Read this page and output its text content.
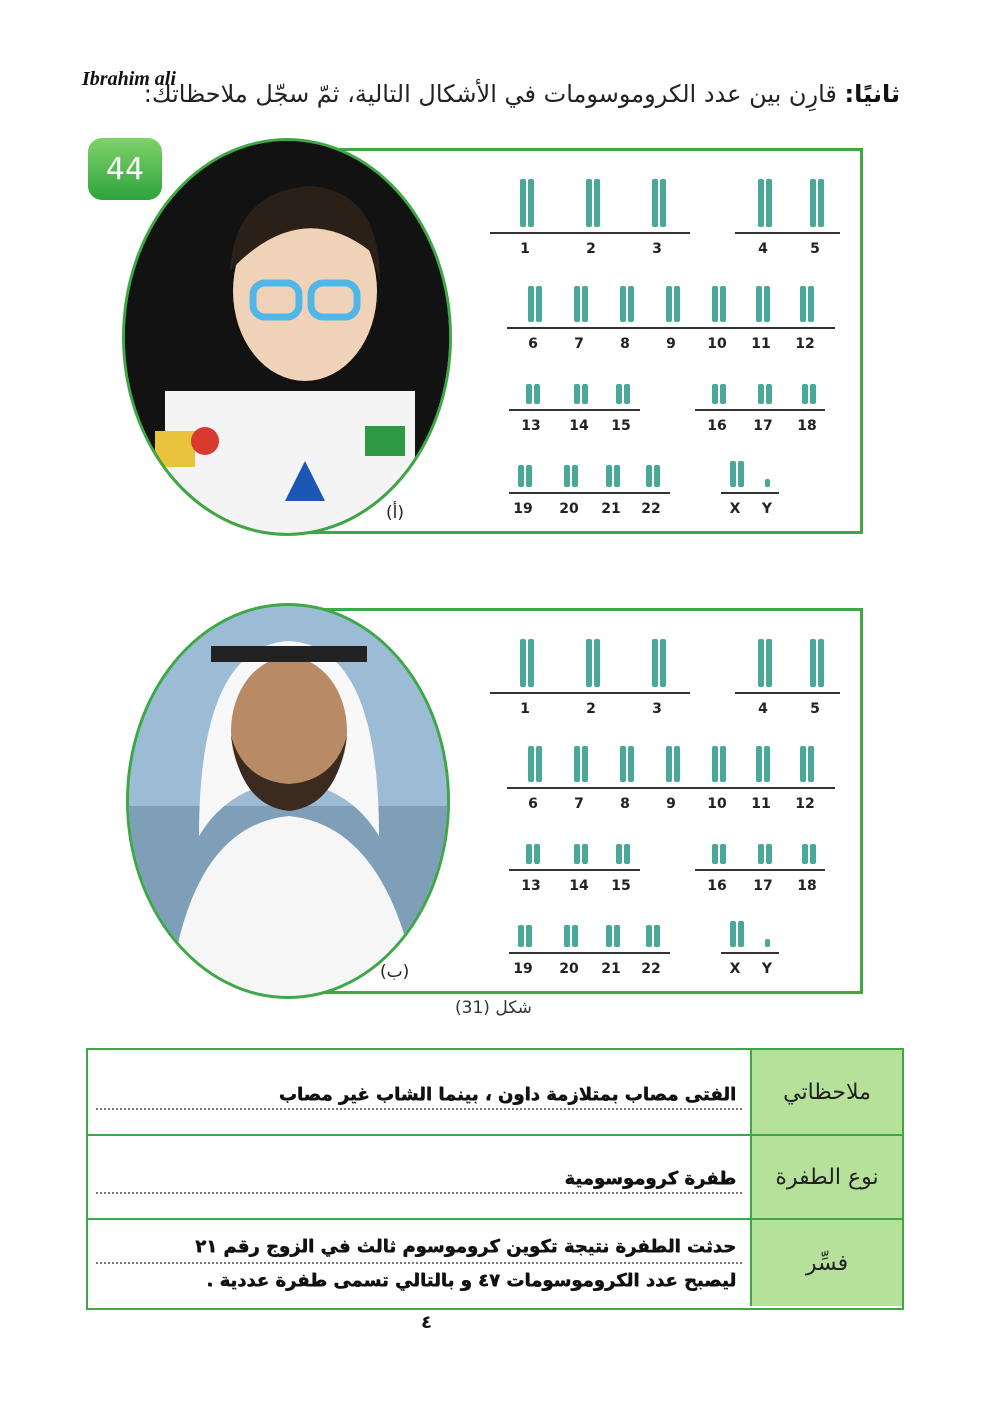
Ibrahim ali
ثانيًا: قارِن بين عدد الكروموسومات في الأشكال التالية، ثمّ سجّل ملاحظاتك:
44
(أ)
1	2	3	4	5
6	7	8	9 10 11 12
13 14 15	16 17 18
19 20 21 22	X Y
(ب)
1	2	3	4	5
6	7	8	9 10 11 12
13 14 15	16 17 18
19 20 21 22	X Y
شكل (31)
ملاحظاتي
الفتى مصاب بمتلازمة داون ، بينما الشاب غير مصاب
نوع الطفرة
طفرة كروموسومية
فسِّر
حدثت الطفرة نتيجة تكوين كروموسوم ثالث في الزوج رقم ٢١
ليصبح عدد الكروموسومات ٤٧ و بالتالي تسمى طفرة عددية .
٤
